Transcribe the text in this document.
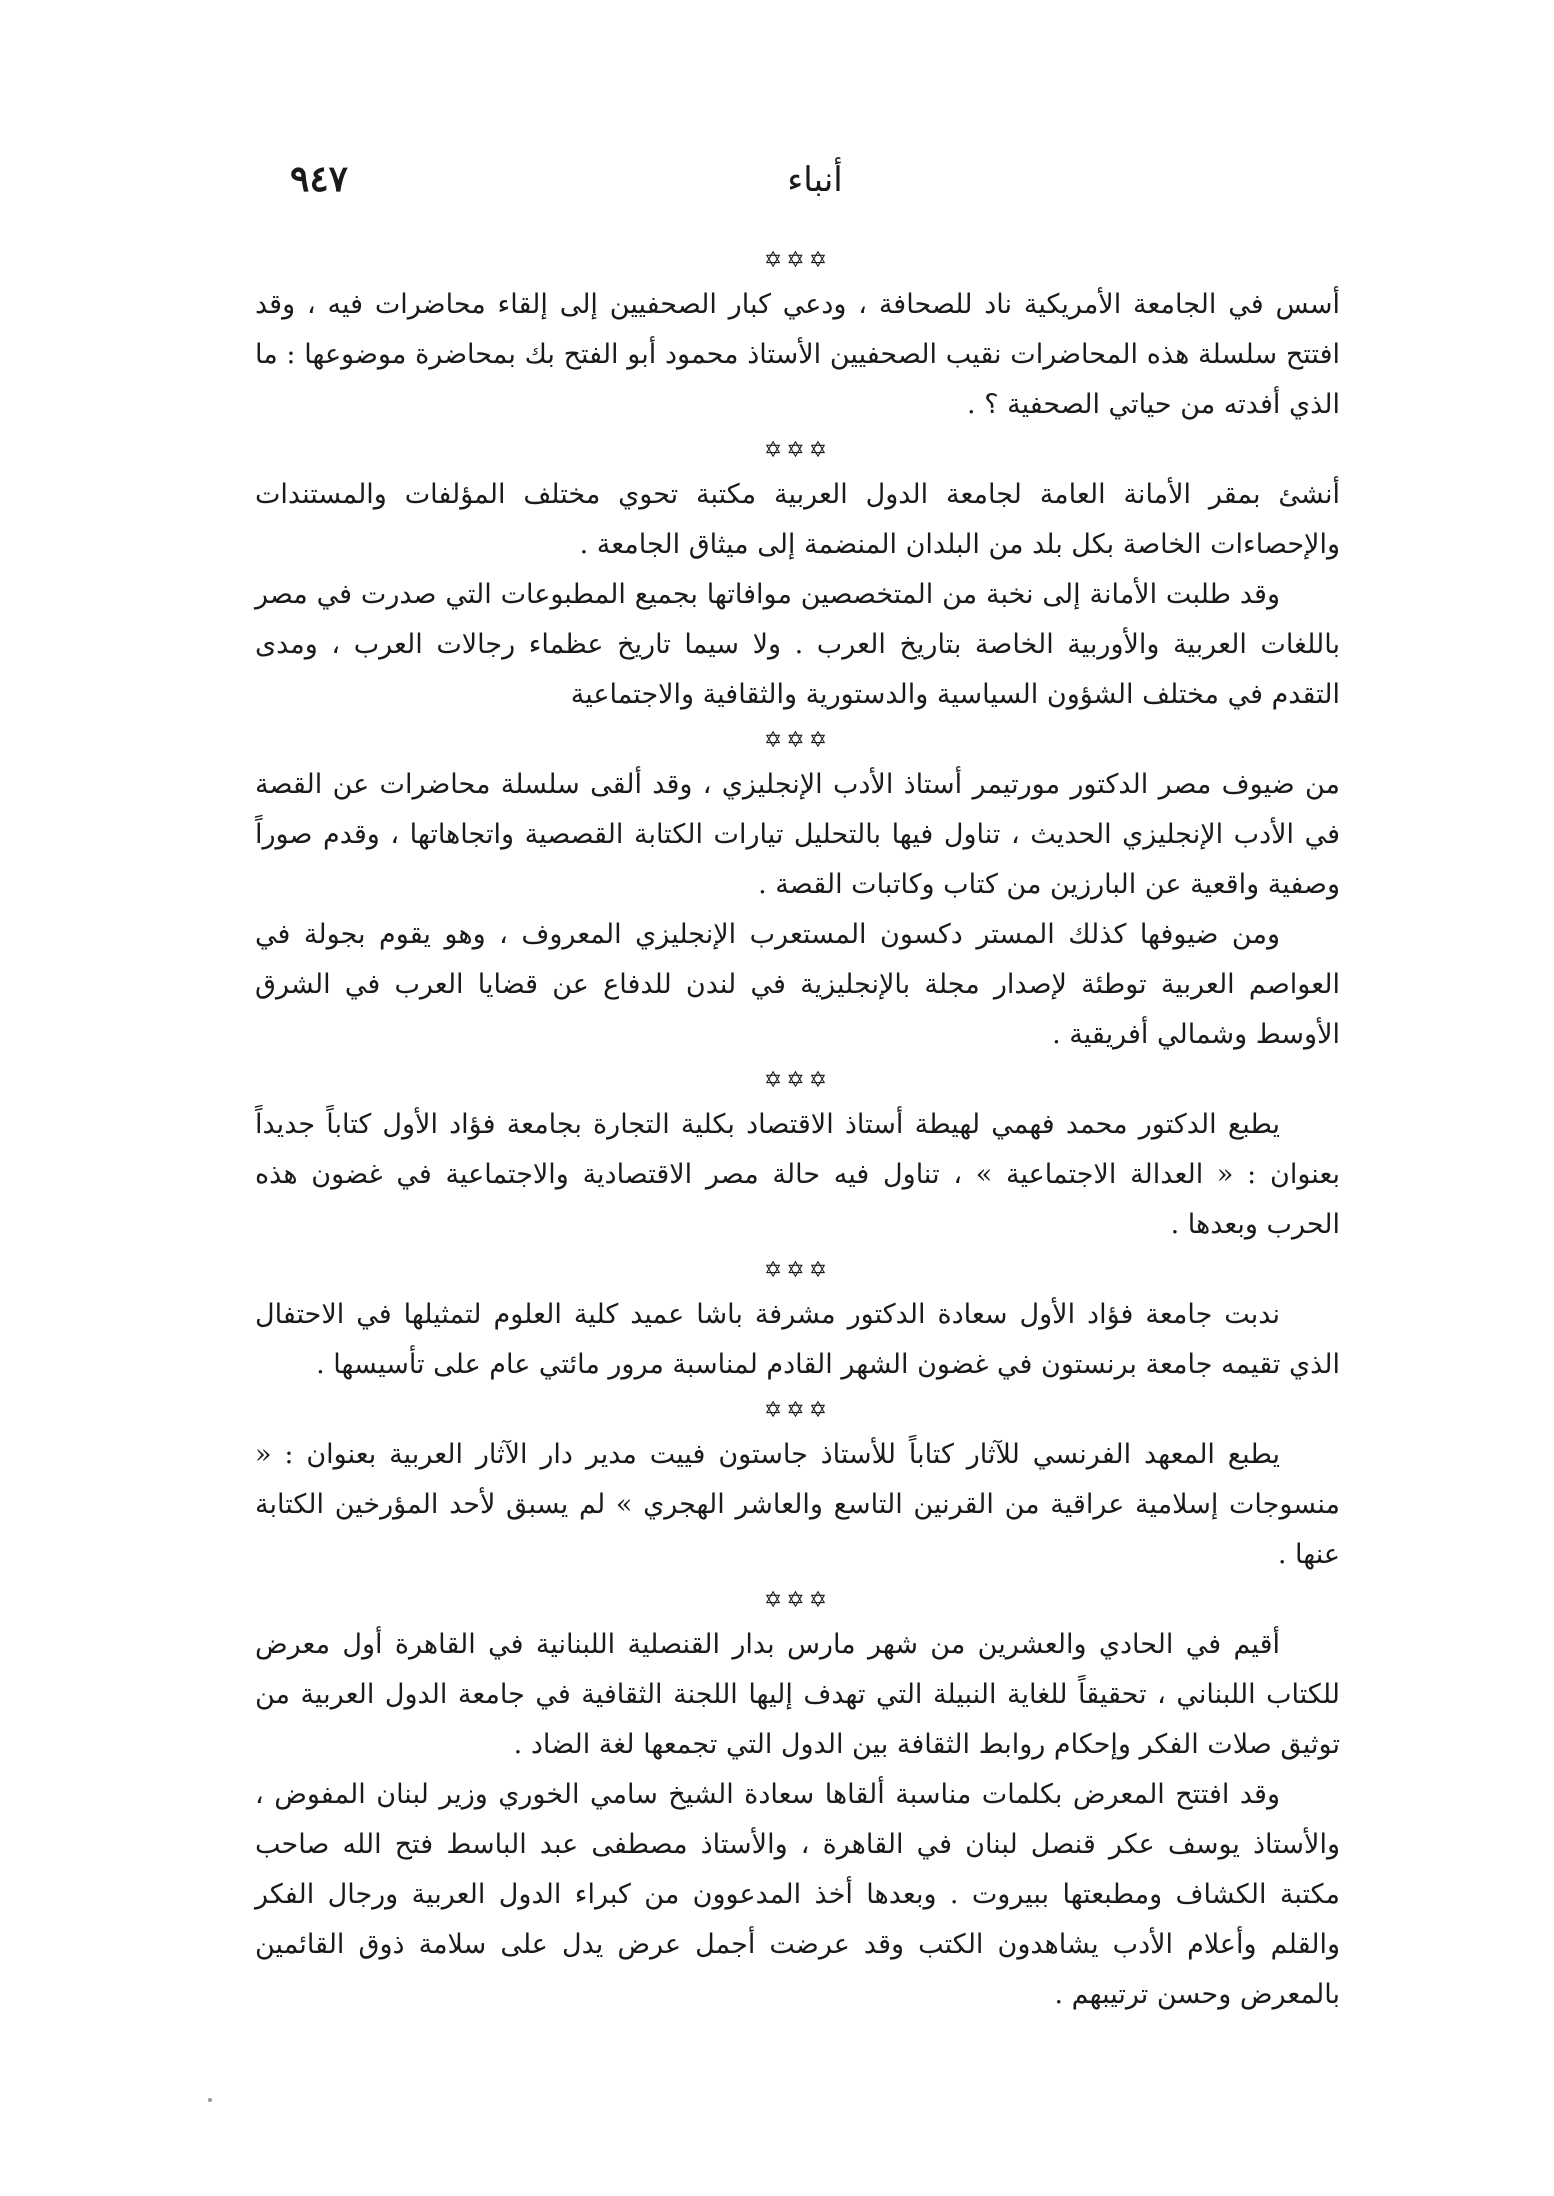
٩٤٧	أنباء
✡✡✡

أسس في الجامعة الأمريكية ناد للصحافة ، ودعي كبار الصحفيين إلى إلقاء محاضرات فيه ، وقد افتتح سلسلة هذه المحاضرات نقيب الصحفيين الأستاذ محمود أبو الفتح بك بمحاضرة موضوعها : ما الذي أفدته من حياتي الصحفية ؟ .

✡✡✡

أنشئ بمقر الأمانة العامة لجامعة الدول العربية مكتبة تحوي مختلف المؤلفات والمستندات والإحصاءات الخاصة بكل بلد من البلدان المنضمة إلى ميثاق الجامعة .

وقد طلبت الأمانة إلى نخبة من المتخصصين موافاتها بجميع المطبوعات التي صدرت في مصر باللغات العربية والأوربية الخاصة بتاريخ العرب . ولا سيما تاريخ عظماء رجالات العرب ، ومدى التقدم في مختلف الشؤون السياسية والدستورية والثقافية والاجتماعية

✡✡✡

من ضيوف مصر الدكتور مورتيمر أستاذ الأدب الإنجليزي ، وقد ألقى سلسلة محاضرات عن القصة في الأدب الإنجليزي الحديث ، تناول فيها بالتحليل تيارات الكتابة القصصية واتجاهاتها ، وقدم صوراً وصفية واقعية عن البارزين من كتاب وكاتبات القصة .

ومن ضيوفها كذلك المستر دكسون المستعرب الإنجليزي المعروف ، وهو يقوم بجولة في العواصم العربية توطئة لإصدار مجلة بالإنجليزية في لندن للدفاع عن قضايا العرب في الشرق الأوسط وشمالي أفريقية .

✡✡✡

يطبع الدكتور محمد فهمي لهيطة أستاذ الاقتصاد بكلية التجارة بجامعة فؤاد الأول كتاباً جديداً بعنوان : « العدالة الاجتماعية » ، تناول فيه حالة مصر الاقتصادية والاجتماعية في غضون هذه الحرب وبعدها .

✡✡✡

ندبت جامعة فؤاد الأول سعادة الدكتور مشرفة باشا عميد كلية العلوم لتمثيلها في الاحتفال الذي تقيمه جامعة برنستون في غضون الشهر القادم لمناسبة مرور مائتي عام على تأسيسها .

✡✡✡

يطبع المعهد الفرنسي للآثار كتاباً للأستاذ جاستون فييت مدير دار الآثار العربية بعنوان : « منسوجات إسلامية عراقية من القرنين التاسع والعاشر الهجري » لم يسبق لأحد المؤرخين الكتابة عنها .

✡✡✡

أقيم في الحادي والعشرين من شهر مارس بدار القنصلية اللبنانية في القاهرة أول معرض للكتاب اللبناني ، تحقيقاً للغاية النبيلة التي تهدف إليها اللجنة الثقافية في جامعة الدول العربية من توثيق صلات الفكر وإحكام روابط الثقافة بين الدول التي تجمعها لغة الضاد .

وقد افتتح المعرض بكلمات مناسبة ألقاها سعادة الشيخ سامي الخوري وزير لبنان المفوض ، والأستاذ يوسف عكر قنصل لبنان في القاهرة ، والأستاذ مصطفى عبد الباسط فتح الله صاحب مكتبة الكشاف ومطبعتها ببيروت . وبعدها أخذ المدعوون من كبراء الدول العربية ورجال الفكر والقلم وأعلام الأدب يشاهدون الكتب وقد عرضت أجمل عرض يدل على سلامة ذوق القائمين بالمعرض وحسن ترتيبهم .
